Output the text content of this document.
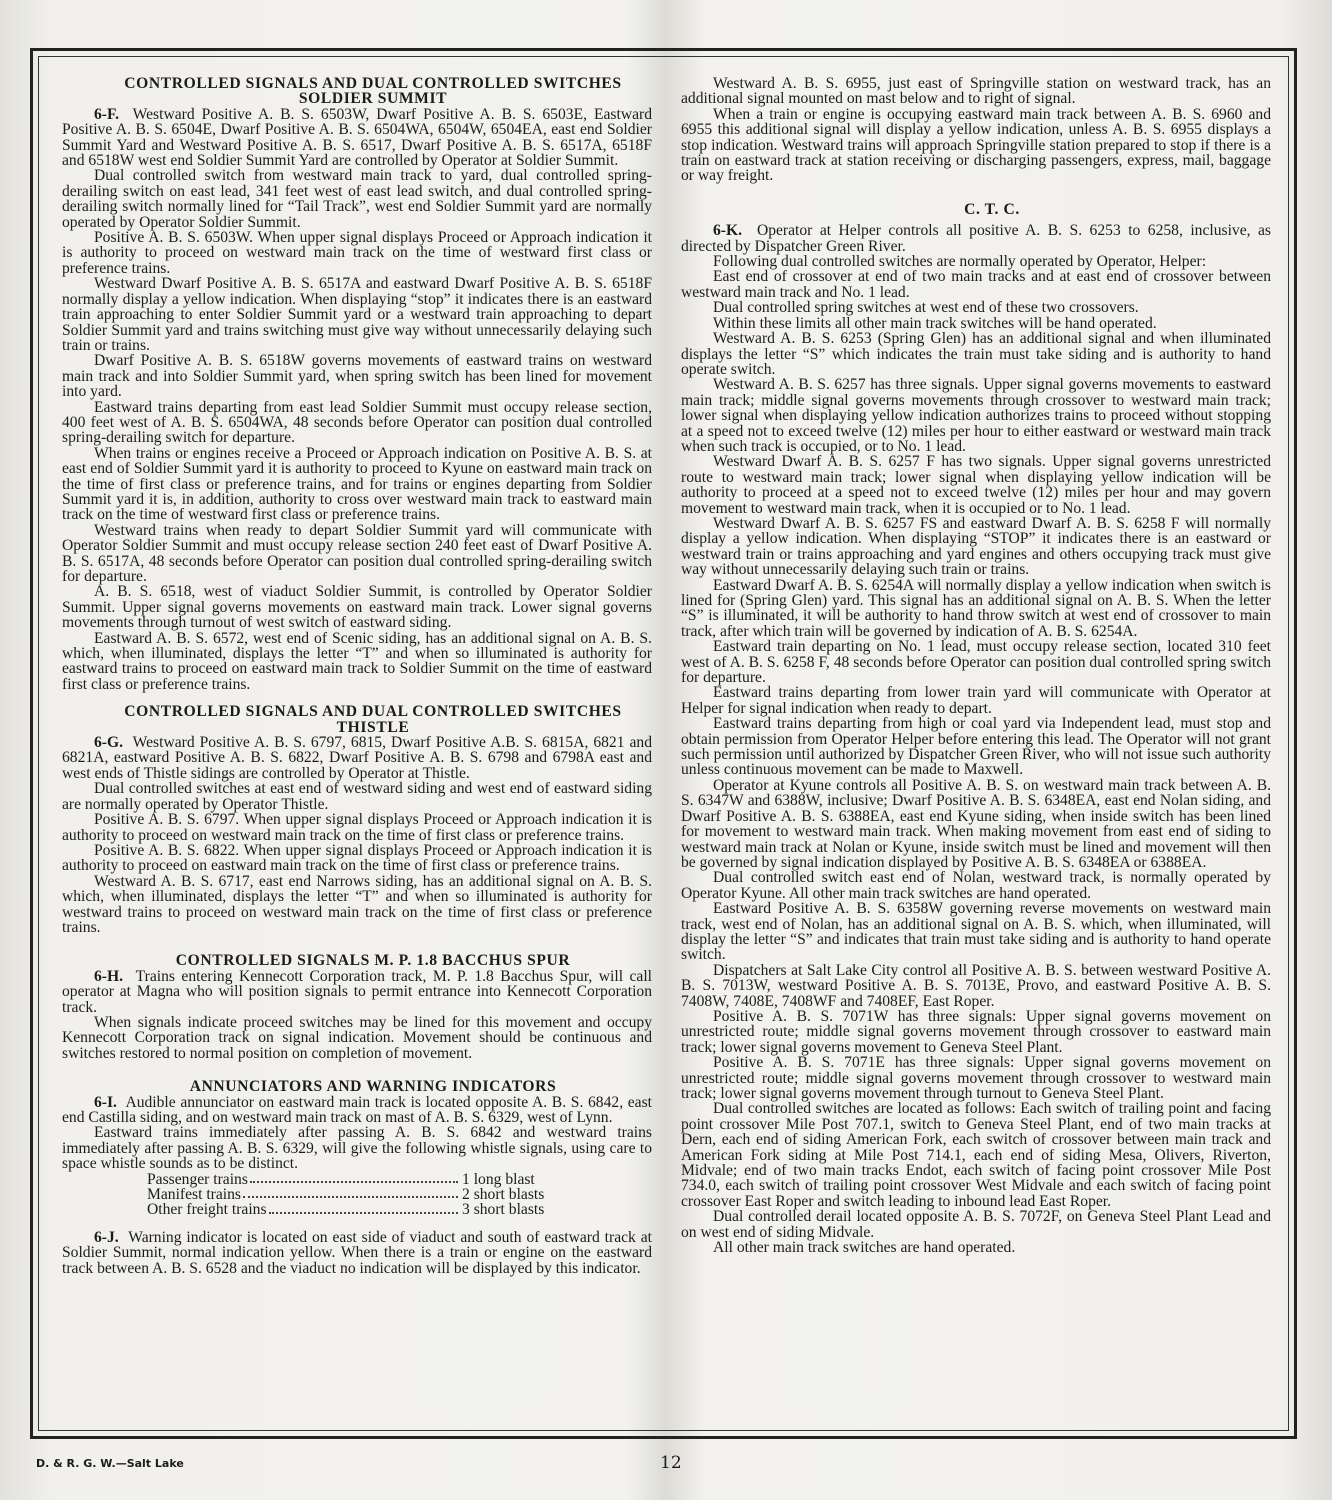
CONTROLLED SIGNALS AND DUAL CONTROLLED SWITCHES

SOLDIER SUMMIT

6-F. Westward Positive A. B. S. 6503W, Dwarf Positive A. B. S. 6503E, Eastward Positive A. B. S. 6504E, Dwarf Positive A. B. S. 6504WA, 6504W, 6504EA, east end Soldier Summit Yard and Westward Positive A. B. S. 6517, Dwarf Positive A. B. S. 6517A, 6518F and 6518W west end Soldier Summit Yard are controlled by Operator at Soldier Summit.

Dual controlled switch from westward main track to yard, dual controlled spring-derailing switch on east lead, 341 feet west of east lead switch, and dual controlled spring-derailing switch normally lined for “Tail Track”, west end Soldier Summit yard are normally operated by Operator Soldier Summit.

Positive A. B. S. 6503W. When upper signal displays Proceed or Approach indication it is authority to proceed on westward main track on the time of westward first class or preference trains.

Westward Dwarf Positive A. B. S. 6517A and eastward Dwarf Positive A. B. S. 6518F normally display a yellow indication. When displaying “stop” it indicates there is an eastward train approaching to enter Soldier Summit yard or a westward train approaching to depart Soldier Summit yard and trains switching must give way without unnecessarily delaying such train or trains.

Dwarf Positive A. B. S. 6518W governs movements of eastward trains on westward main track and into Soldier Summit yard, when spring switch has been lined for movement into yard.

Eastward trains departing from east lead Soldier Summit must occupy release section, 400 feet west of A. B. S. 6504WA, 48 seconds before Operator can position dual controlled spring-derailing switch for departure.

When trains or engines receive a Proceed or Approach indication on Positive A. B. S. at east end of Soldier Summit yard it is authority to proceed to Kyune on eastward main track on the time of first class or preference trains, and for trains or engines departing from Soldier Summit yard it is, in addition, authority to cross over westward main track to eastward main track on the time of westward first class or preference trains.

Westward trains when ready to depart Soldier Summit yard will communicate with Operator Soldier Summit and must occupy release section 240 feet east of Dwarf Positive A. B. S. 6517A, 48 seconds before Operator can position dual controlled spring-derailing switch for departure.

A. B. S. 6518, west of viaduct Soldier Summit, is controlled by Operator Soldier Summit. Upper signal governs movements on eastward main track. Lower signal governs movements through turnout of west switch of eastward siding.

Eastward A. B. S. 6572, west end of Scenic siding, has an additional signal on A. B. S. which, when illuminated, displays the letter “T” and when so illuminated is authority for eastward trains to proceed on eastward main track to Soldier Summit on the time of eastward first class or preference trains.

CONTROLLED SIGNALS AND DUAL CONTROLLED SWITCHES

THISTLE

6-G. Westward Positive A. B. S. 6797, 6815, Dwarf Positive A.B. S. 6815A, 6821 and 6821A, eastward Positive A. B. S. 6822, Dwarf Positive A. B. S. 6798 and 6798A east and west ends of Thistle sidings are controlled by Operator at Thistle.

Dual controlled switches at east end of westward siding and west end of eastward siding are normally operated by Operator Thistle.

Positive A. B. S. 6797. When upper signal displays Proceed or Approach indication it is authority to proceed on westward main track on the time of first class or preference trains.

Positive A. B. S. 6822. When upper signal displays Proceed or Approach indication it is authority to proceed on eastward main track on the time of first class or preference trains.

Westward A. B. S. 6717, east end Narrows siding, has an additional signal on A. B. S. which, when illuminated, displays the letter “T” and when so illuminated is authority for westward trains to proceed on westward main track on the time of first class or preference trains.

CONTROLLED SIGNALS M. P. 1.8 BACCHUS SPUR

6-H. Trains entering Kennecott Corporation track, M. P. 1.8 Bacchus Spur, will call operator at Magna who will position signals to permit entrance into Kennecott Corporation track.

When signals indicate proceed switches may be lined for this movement and occupy Kennecott Corporation track on signal indication. Movement should be continuous and switches restored to normal position on completion of movement.

ANNUNCIATORS AND WARNING INDICATORS

6-I. Audible annunciator on eastward main track is located opposite A. B. S. 6842, east end Castilla siding, and on westward main track on mast of A. B. S. 6329, west of Lynn.

Eastward trains immediately after passing A. B. S. 6842 and westward trains immediately after passing A. B. S. 6329, will give the following whistle signals, using care to space whistle sounds as to be distinct.

Passenger trains	1 long blast
Manifest trains	2 short blasts
Other freight trains	3 short blasts

6-J. Warning indicator is located on east side of viaduct and south of eastward track at Soldier Summit, normal indication yellow. When there is a train or engine on the eastward track between A. B. S. 6528 and the viaduct no indication will be displayed by this indicator.

Westward A. B. S. 6955, just east of Springville station on westward track, has an additional signal mounted on mast below and to right of signal.

When a train or engine is occupying eastward main track between A. B. S. 6960 and 6955 this additional signal will display a yellow indication, unless A. B. S. 6955 displays a stop indication. Westward trains will approach Springville station prepared to stop if there is a train on eastward track at station receiving or discharging passengers, express, mail, baggage or way freight.

C. T. C.

6-K. Operator at Helper controls all positive A. B. S. 6253 to 6258, inclusive, as directed by Dispatcher Green River.

Following dual controlled switches are normally operated by Operator, Helper:

East end of crossover at end of two main tracks and at east end of crossover between westward main track and No. 1 lead.

Dual controlled spring switches at west end of these two crossovers.

Within these limits all other main track switches will be hand operated.

Westward A. B. S. 6253 (Spring Glen) has an additional signal and when illuminated displays the letter “S” which indicates the train must take siding and is authority to hand operate switch.

Westward A. B. S. 6257 has three signals. Upper signal governs movements to eastward main track; middle signal governs movements through crossover to westward main track; lower signal when displaying yellow indication authorizes trains to proceed without stopping at a speed not to exceed twelve (12) miles per hour to either eastward or westward main track when such track is occupied, or to No. 1 lead.

Westward Dwarf A. B. S. 6257 F has two signals. Upper signal governs unrestricted route to westward main track; lower signal when displaying yellow indication will be authority to proceed at a speed not to exceed twelve (12) miles per hour and may govern movement to westward main track, when it is occupied or to No. 1 lead.

Westward Dwarf A. B. S. 6257 FS and eastward Dwarf A. B. S. 6258 F will normally display a yellow indication. When displaying “STOP” it indicates there is an eastward or westward train or trains approaching and yard engines and others occupying track must give way without unnecessarily delaying such train or trains.

Eastward Dwarf A. B. S. 6254A will normally display a yellow indication when switch is lined for (Spring Glen) yard. This signal has an additional signal on A. B. S. When the letter “S” is illuminated, it will be authority to hand throw switch at west end of crossover to main track, after which train will be governed by indication of A. B. S. 6254A.

Eastward train departing on No. 1 lead, must occupy release section, located 310 feet west of A. B. S. 6258 F, 48 seconds before Operator can position dual controlled spring switch for departure.

Eastward trains departing from lower train yard will communicate with Operator at Helper for signal indication when ready to depart.

Eastward trains departing from high or coal yard via Independent lead, must stop and obtain permission from Operator Helper before entering this lead. The Operator will not grant such permission until authorized by Dispatcher Green River, who will not issue such authority unless continuous movement can be made to Maxwell.

Operator at Kyune controls all Positive A. B. S. on westward main track between A. B. S. 6347W and 6388W, inclusive; Dwarf Positive A. B. S. 6348EA, east end Nolan siding, and Dwarf Positive A. B. S. 6388EA, east end Kyune siding, when inside switch has been lined for movement to westward main track. When making movement from east end of siding to westward main track at Nolan or Kyune, inside switch must be lined and movement will then be governed by signal indication displayed by Positive A. B. S. 6348EA or 6388EA.

Dual controlled switch east end of Nolan, westward track, is normally operated by Operator Kyune. All other main track switches are hand operated.

Eastward Positive A. B. S. 6358W governing reverse movements on westward main track, west end of Nolan, has an additional signal on A. B. S. which, when illuminated, will display the letter “S” and indicates that train must take siding and is authority to hand operate switch.

Dispatchers at Salt Lake City control all Positive A. B. S. between westward Positive A. B. S. 7013W, westward Positive A. B. S. 7013E, Provo, and eastward Positive A. B. S. 7408W, 7408E, 7408WF and 7408EF, East Roper.

Positive A. B. S. 7071W has three signals: Upper signal governs movement on unrestricted route; middle signal governs movement through crossover to eastward main track; lower signal governs movement to Geneva Steel Plant.

Positive A. B. S. 7071E has three signals: Upper signal governs movement on unrestricted route; middle signal governs movement through crossover to westward main track; lower signal governs movement through turnout to Geneva Steel Plant.

Dual controlled switches are located as follows: Each switch of trailing point and facing point crossover Mile Post 707.1, switch to Geneva Steel Plant, end of two main tracks at Dern, each end of siding American Fork, each switch of crossover between main track and American Fork siding at Mile Post 714.1, each end of siding Mesa, Olivers, Riverton, Midvale; end of two main tracks Endot, each switch of facing point crossover Mile Post 734.0, each switch of trailing point crossover West Midvale and each switch of facing point crossover East Roper and switch leading to inbound lead East Roper.

Dual controlled derail located opposite A. B. S. 7072F, on Geneva Steel Plant Lead and on west end of siding Midvale.

All other main track switches are hand operated.

D. & R. G. W.—Salt Lake	12
